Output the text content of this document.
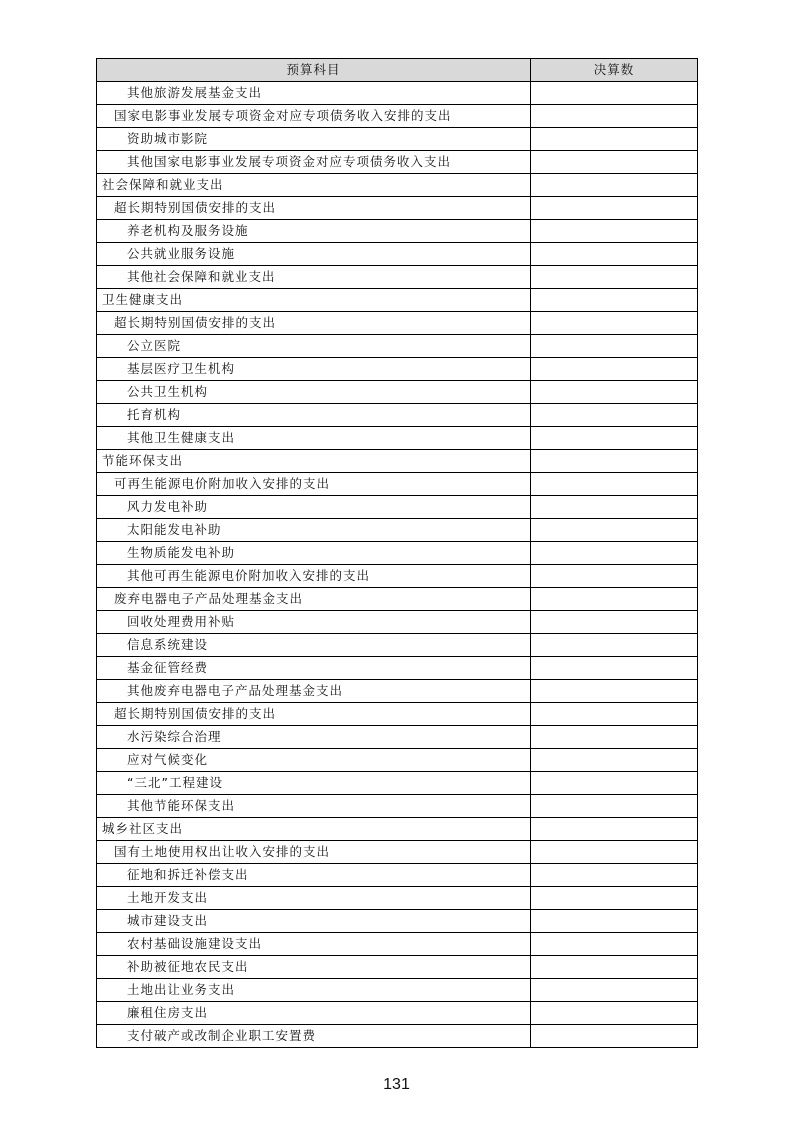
预算科目	决算数
其他旅游发展基金支出	
国家电影事业发展专项资金对应专项债务收入安排的支出	
资助城市影院	
其他国家电影事业发展专项资金对应专项债务收入支出	
社会保障和就业支出	
超长期特别国债安排的支出	
养老机构及服务设施	
公共就业服务设施	
其他社会保障和就业支出	
卫生健康支出	
超长期特别国债安排的支出	
公立医院	
基层医疗卫生机构	
公共卫生机构	
托育机构	
其他卫生健康支出	
节能环保支出	
可再生能源电价附加收入安排的支出	
风力发电补助	
太阳能发电补助	
生物质能发电补助	
其他可再生能源电价附加收入安排的支出	
废弃电器电子产品处理基金支出	
回收处理费用补贴	
信息系统建设	
基金征管经费	
其他废弃电器电子产品处理基金支出	
超长期特别国债安排的支出	
水污染综合治理	
应对气候变化	
“三北”工程建设	
其他节能环保支出	
城乡社区支出	
国有土地使用权出让收入安排的支出	
征地和拆迁补偿支出	
土地开发支出	
城市建设支出	
农村基础设施建设支出	
补助被征地农民支出	
土地出让业务支出	
廉租住房支出	
支付破产或改制企业职工安置费	
131
